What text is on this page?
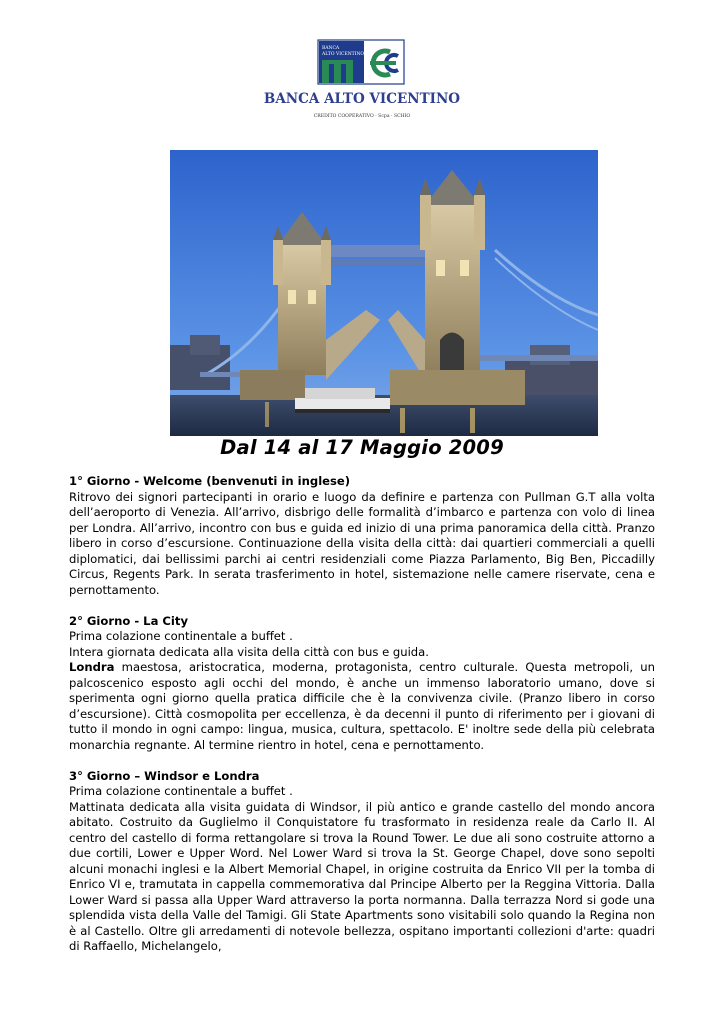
BANCA
ALTO VICENTINO
BANCA ALTO VICENTINO
CREDITO COOPERATIVO · Scpa · SCHIO
Dal 14 al 17 Maggio 2009
1° Giorno - Welcome (benvenuti in inglese)

Ritrovo dei signori partecipanti in orario e luogo da definire e partenza con Pullman G.T alla volta dell’aeroporto di Venezia. All’arrivo, disbrigo delle formalità d’imbarco e partenza con volo di linea per Londra. All’arrivo, incontro con bus e guida ed inizio di una prima panoramica della città. Pranzo libero in corso d’escursione. Continuazione della visita della città: dai quartieri commerciali a quelli diplomatici, dai bellissimi parchi ai centri residenziali come Piazza Parlamento, Big Ben, Piccadilly Circus, Regents Park. In serata trasferimento in hotel, sistemazione nelle camere riservate, cena e pernottamento.

2° Giorno - La City

Prima colazione continentale a buffet .

Intera giornata dedicata alla visita della città con bus e guida.

Londra maestosa, aristocratica, moderna, protagonista, centro culturale. Questa metropoli, un palcoscenico esposto agli occhi del mondo, è anche un immenso laboratorio umano, dove si sperimenta ogni giorno quella pratica difficile che è la convivenza civile. (Pranzo libero in corso d’escursione). Città cosmopolita per eccellenza, è da decenni il punto di riferimento per i giovani di tutto il mondo in ogni campo: lingua, musica, cultura, spettacolo. E' inoltre sede della più celebrata monarchia regnante. Al termine rientro in hotel, cena e pernottamento.

3° Giorno – Windsor e Londra

Prima colazione continentale a buffet .

Mattinata dedicata alla visita guidata di Windsor, il più antico e grande castello del mondo ancora abitato. Costruito da Guglielmo il Conquistatore fu trasformato in residenza reale da Carlo II. Al centro del castello di forma rettangolare si trova la Round Tower. Le due ali sono costruite attorno a due cortili, Lower e Upper Word. Nel Lower Ward si trova la St. George Chapel, dove sono sepolti alcuni monachi inglesi e la Albert Memorial Chapel, in origine costruita da Enrico VII per la tomba di Enrico VI e, tramutata in cappella commemorativa dal Principe Alberto per la Reggina Vittoria. Dalla Lower Ward si passa alla Upper Ward attraverso la porta normanna. Dalla terrazza Nord si gode una splendida vista della Valle del Tamigi. Gli State Apartments sono visitabili solo quando la Regina non è al Castello. Oltre gli arredamenti di notevole bellezza, ospitano importanti collezioni d'arte: quadri di Raffaello, Michelangelo,
